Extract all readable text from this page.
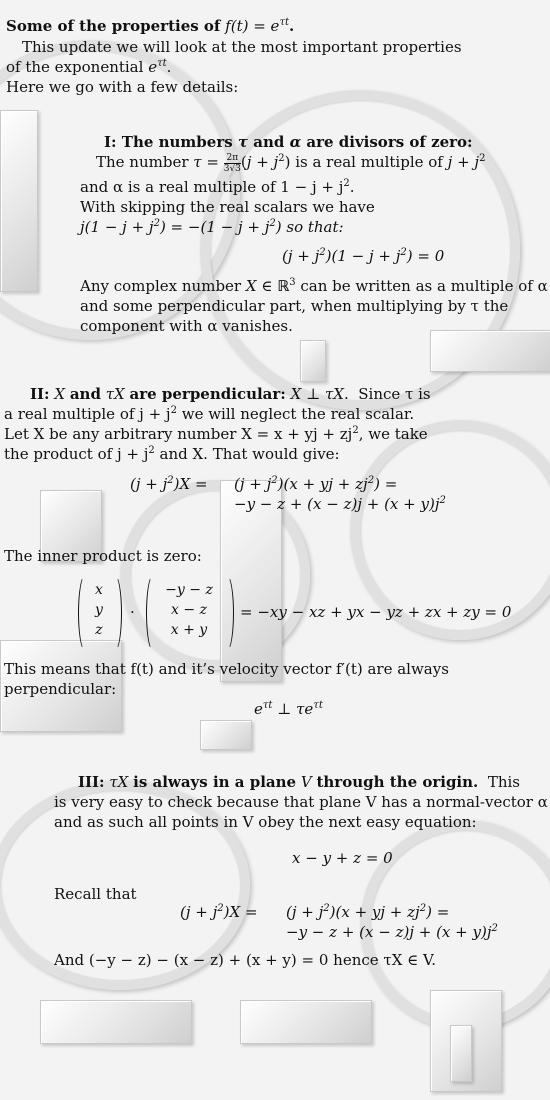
Some of the properties of $f(t) = e^{\tau t}$.
This update we will look at the most important properties
of the exponential $e^{\tau t}$.
Here we go with a few details:
I: The numbers τ and α are divisors of zero:
The number $\tau = \frac{2\pi}{3√3} (j + j^2)$ is a real multiple of $j + j^2$
and α is a real multiple of $1 - j + j^2$.
With skipping the real scalars we have
$j(1 - j + j^2) = -(1 - j + j^2)$ so that:
$(j + j^2)(1 - j + j^2) = 0$
Any complex number X ∈ ℝ$^3$ can be written as a multiple of α
and some perpendicular part, when multiplying by τ the
component with α vanishes.
II: X and τX are perpendicular: X ⊥ τX.  Since τ is
a real multiple of $j + j^2$ we will neglect the real scalar.
Let X be any arbitrary number X = x + yj + $zj^2$, we take
the product of $j + j^2$ and X. That would give:
$(j + j^2)X = (j + j^2)(x$ + yj + $zj^2$) =
$-y - z + (x - z)j + (x + y)j^2$
The inner product is zero:
x
y
z
·
−y − z
x − z
x + y
= −xy − xz + yx − yz + zx + zy = 0
This means that f(t) and it’s velocity vector f′(t) are always
perpendicular:
$e^{\tau t}$ ⊥ $\tau e^{\tau t}$
III: τX is always in a plane V through the origin. This
is very easy to check because that plane V has a normal-vector α
and as such all points in V obey the next easy equation:
x − y + z = 0
Recall that
$(j + j^2)X = (j + j^2)(x$ + yj + $zj^2$) =
$-y - z + (x - z)j + (x + y)j^2$
And (−y − z) − (x − z) + (x + y) = 0 hence τX ∈ V.
